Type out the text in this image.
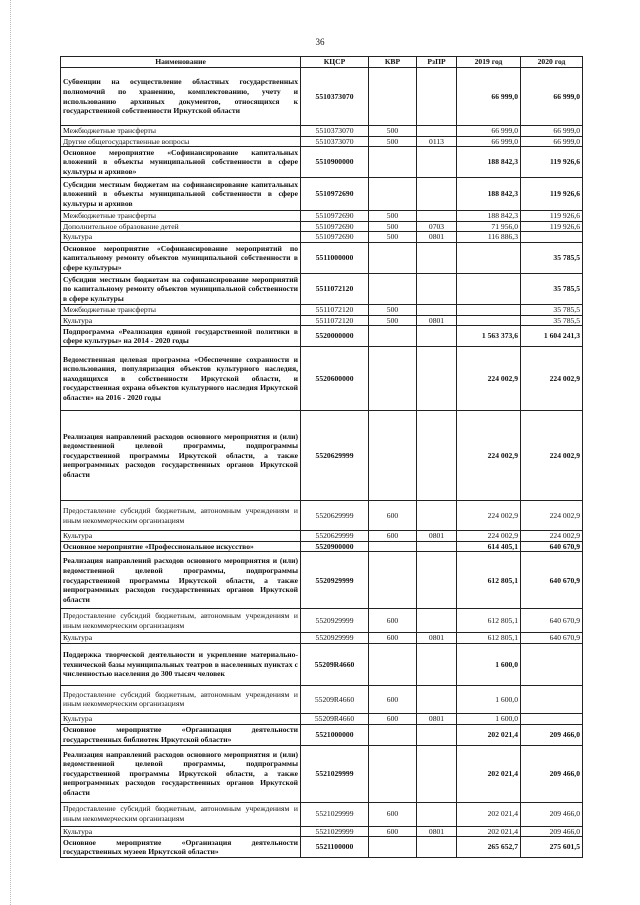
36
Наименование	КЦСР	КВР	РзПР	2019 год	2020 год
Субвенции на осуществление областных государственных полномочий по хранению, комплектованию, учету и использованию архивных документов, относящихся к государственной собственности Иркутской области	5510373070			66 999,0	66 999,0
Межбюджетные трансферты	5510373070	500		66 999,0	66 999,0
Другие общегосударственные вопросы	5510373070	500	0113	66 999,0	66 999,0
Основное мероприятие «Софинансирование капитальных вложений в объекты муниципальной собственности в сфере культуры и архивов»	5510900000			188 842,3	119 926,6
Субсидии местным бюджетам на софинансирование капитальных вложений в объекты муниципальной собственности в сфере культуры и архивов	5510972690			188 842,3	119 926,6
Межбюджетные трансферты	5510972690	500		188 842,3	119 926,6
Дополнительное образование детей	5510972690	500	0703	71 956,0	119 926,6
Культура	5510972690	500	0801	116 886,3	
Основное мероприятие «Софинансирование мероприятий по капитальному ремонту объектов муниципальной собственности в сфере культуры»	5511000000				35 785,5
Субсидии местным бюджетам на софинансирование мероприятий по капитальному ремонту объектов муниципальной собственности в сфере культуры	5511072120				35 785,5
Межбюджетные трансферты	5511072120	500			35 785,5
Культура	5511072120	500	0801		35 785,5
Подпрограмма «Реализация единой государственной политики в сфере культуры» на 2014 - 2020 годы	5520000000			1 563 373,6	1 604 241,3
Ведомственная целевая программа «Обеспечение сохранности и использования, популяризация объектов культурного наследия, находящихся в собственности Иркутской области, и государственная охрана объектов культурного наследия Иркутской области» на 2016 - 2020 годы	5520600000			224 002,9	224 002,9
Реализация направлений расходов основного мероприятия и (или) ведомственной целевой программы, подпрограммы государственной программы Иркутской области, а также непрограммных расходов государственных органов Иркутской области	5520629999			224 002,9	224 002,9
Предоставление субсидий бюджетным, автономным учреждениям и иным некоммерческим организациям	5520629999	600		224 002,9	224 002,9
Культура	5520629999	600	0801	224 002,9	224 002,9
Основное мероприятие «Профессиональное искусство»	5520900000			614 405,1	640 670,9
Реализация направлений расходов основного мероприятия и (или) ведомственной целевой программы, подпрограммы государственной программы Иркутской области, а также непрограммных расходов государственных органов Иркутской области	5520929999			612 805,1	640 670,9
Предоставление субсидий бюджетным, автономным учреждениям и иным некоммерческим организациям	5520929999	600		612 805,1	640 670,9
Культура	5520929999	600	0801	612 805,1	640 670,9
Поддержка творческой деятельности и укрепление материально-технической базы муниципальных театров в населенных пунктах с численностью населения до 300 тысяч человек	55209R4660			1 600,0	
Предоставление субсидий бюджетным, автономным учреждениям и иным некоммерческим организациям	55209R4660	600		1 600,0	
Культура	55209R4660	600	0801	1 600,0	
Основное мероприятие «Организация деятельности государственных библиотек Иркутской области»	5521000000			202 021,4	209 466,0
Реализация направлений расходов основного мероприятия и (или) ведомственной целевой программы, подпрограммы государственной программы Иркутской области, а также непрограммных расходов государственных органов Иркутской области	5521029999			202 021,4	209 466,0
Предоставление субсидий бюджетным, автономным учреждениям и иным некоммерческим организациям	5521029999	600		202 021,4	209 466,0
Культура	5521029999	600	0801	202 021,4	209 466,0
Основное мероприятие «Организация деятельности государственных музеев Иркутской области»	5521100000			265 652,7	275 601,5
